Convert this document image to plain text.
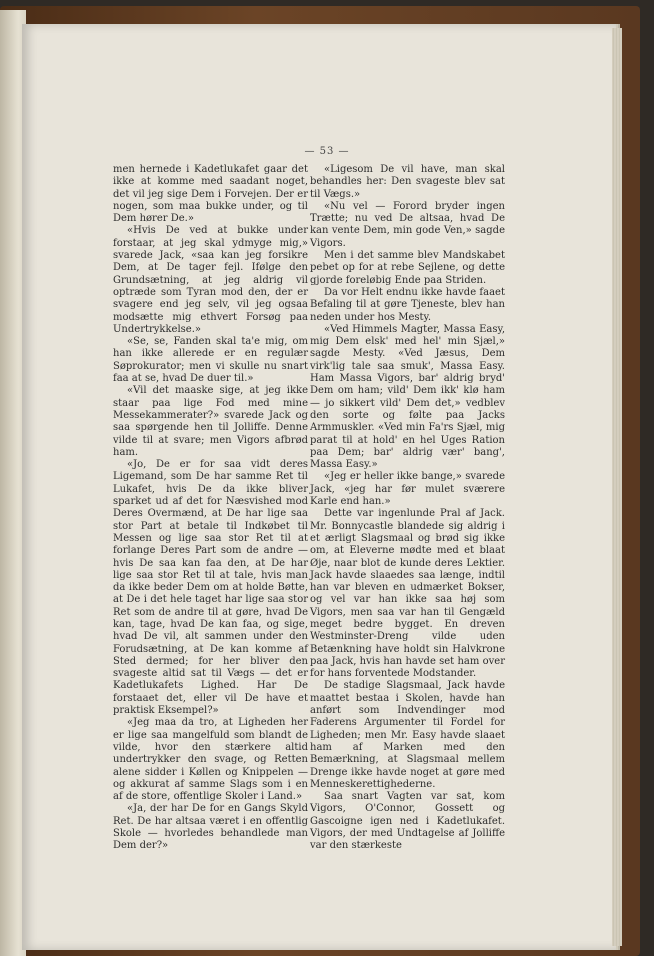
— 53 —

men hernede i Kadetlukafet gaar det ikke at komme med saadant noget, det vil jeg sige Dem i Forvejen. Der er nogen, som maa bukke under, og til Dem hører De.»

«Hvis De ved at bukke under forstaar, at jeg skal ydmyge mig,» svarede Jack, «saa kan jeg forsikre Dem, at De tager fejl. Ifølge den Grundsætning, at jeg aldrig vil optræde som Tyran mod den, der er svagere end jeg selv, vil jeg ogsaa modsætte mig ethvert Forsøg paa Undertrykkelse.»

«Se, se, Fanden skal ta'e mig, om han ikke allerede er en regulær Søprokurator; men vi skulle nu snart faa at se, hvad De duer til.»

«Vil det maaske sige, at jeg ikke staar paa lige Fod med mine Messekammerater?» svarede Jack og saa spørgende hen til Jolliffe. Denne vilde til at svare; men Vigors afbrød ham.

«Jo, De er for saa vidt deres Ligemand, som De har samme Ret til Lukafet, hvis De da ikke bliver sparket ud af det for Næsvished mod Deres Overmænd, at De har lige saa stor Part at betale til Indkøbet til Messen og lige saa stor Ret til at forlange Deres Part som de andre — hvis De saa kan faa den, at De har lige saa stor Ret til at tale, hvis man da ikke beder Dem om at holde Bøtte, at De i det hele taget har lige saa stor Ret som de andre til at gøre, hvad De kan, tage, hvad De kan faa, og sige, hvad De vil, alt sammen under den Forudsætning, at De kan komme af Sted dermed; for her bliver den svageste altid sat til Vægs — det er Kadetlukafets Lighed. Har De forstaaet det, eller vil De have et praktisk Eksempel?»

«Jeg maa da tro, at Ligheden her er lige saa mangelfuld som blandt de vilde, hvor den stærkere altid undertrykker den svage, og Retten alene sidder i Køllen og Knippelen — og akkurat af samme Slags som i en af de store, offentlige Skoler i Land.»

«Ja, der har De for en Gangs Skyld Ret. De har altsaa været i en offentlig Skole — hvorledes behandlede man Dem der?»

«Ligesom De vil have, man skal behandles her: Den svageste blev sat til Vægs.»

«Nu vel — Forord bryder ingen Trætte; nu ved De altsaa, hvad De kan vente Dem, min gode Ven,» sagde Vigors.

Men i det samme blev Mandskabet pebet op for at rebe Sejlene, og dette gjorde foreløbig Ende paa Striden.

Da vor Helt endnu ikke havde faaet Befaling til at gøre Tjeneste, blev han neden under hos Mesty.

«Ved Himmels Magter, Massa Easy, mig Dem elsk' med hel' min Sjæl,» sagde Mesty. «Ved Jæsus, Dem virk'lig tale saa smuk', Massa Easy. Ham Massa Vigors, bar' aldrig bryd' Dem om ham; vild' Dem ikk' klø ham — jo sikkert vild' Dem det,» vedblev den sorte og følte paa Jacks Armmuskler. «Ved min Fa'rs Sjæl, mig parat til at hold' en hel Uges Ration paa Dem; bar' aldrig vær' bang', Massa Easy.»

«Jeg er heller ikke bange,» svarede Jack, «jeg har før mulet sværere Karle end han.»

Dette var ingenlunde Pral af Jack. Mr. Bonnycastle blandede sig aldrig i et ærligt Slagsmaal og brød sig ikke om, at Eleverne mødte med et blaat Øje, naar blot de kunde deres Lektier. Jack havde slaaedes saa længe, indtil han var bleven en udmærket Bokser, og vel var han ikke saa høj som Vigors, men saa var han til Gengæld meget bedre bygget. En dreven Westminster-Dreng vilde uden Betænkning have holdt sin Halvkrone paa Jack, hvis han havde set ham over for hans forventede Modstander.

De stadige Slagsmaal, Jack havde maattet bestaa i Skolen, havde han anført som Indvendinger mod Faderens Argumenter til Fordel for Ligheden; men Mr. Easy havde slaaet ham af Marken med den Bemærkning, at Slagsmaal mellem Drenge ikke havde noget at gøre med Menneskerettighederne.

Saa snart Vagten var sat, kom Vigors, O'Connor, Gossett og Gascoigne igen ned i Kadetlukafet. Vigors, der med Undtagelse af Jolliffe var den stærkeste
